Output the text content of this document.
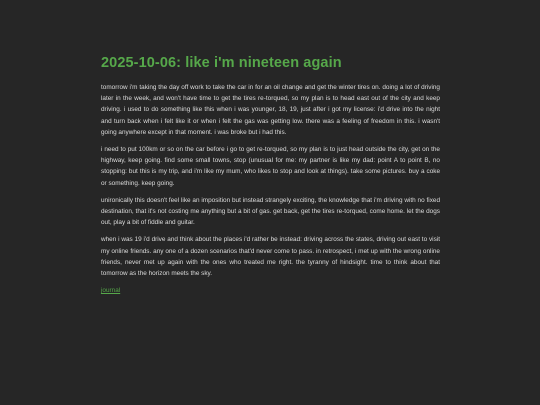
2025-10-06: like i'm nineteen again

tomorrow i'm taking the day off work to take the car in for an oil change and get the winter tires on. doing a lot of driving later in the week, and won't have time to get the tires re-torqued, so my plan is to head east out of the city and keep driving. i used to do something like this when i was younger, 18, 19, just after i got my license: i'd drive into the night and turn back when i felt like it or when i felt the gas was getting low. there was a feeling of freedom in this. i wasn't going anywhere except in that moment. i was broke but i had this.

i need to put 100km or so on the car before i go to get re-torqued, so my plan is to just head outside the city, get on the highway, keep going. find some small towns, stop (unusual for me: my partner is like my dad: point A to point B, no stopping: but this is my trip, and i'm like my mum, who likes to stop and look at things). take some pictures. buy a coke or something. keep going.

unironically this doesn't feel like an imposition but instead strangely exciting, the knowledge that i'm driving with no fixed destination, that it's not costing me anything but a bit of gas. get back, get the tires re-torqued, come home. let the dogs out, play a bit of fiddle and guitar.

when i was 19 i'd drive and think about the places i'd rather be instead: driving across the states, driving out east to visit my online friends. any one of a dozen scenarios that'd never come to pass. in retrospect, i met up with the wrong online friends, never met up again with the ones who treated me right. the tyranny of hindsight. time to think about that tomorrow as the horizon meets the sky.

journal
